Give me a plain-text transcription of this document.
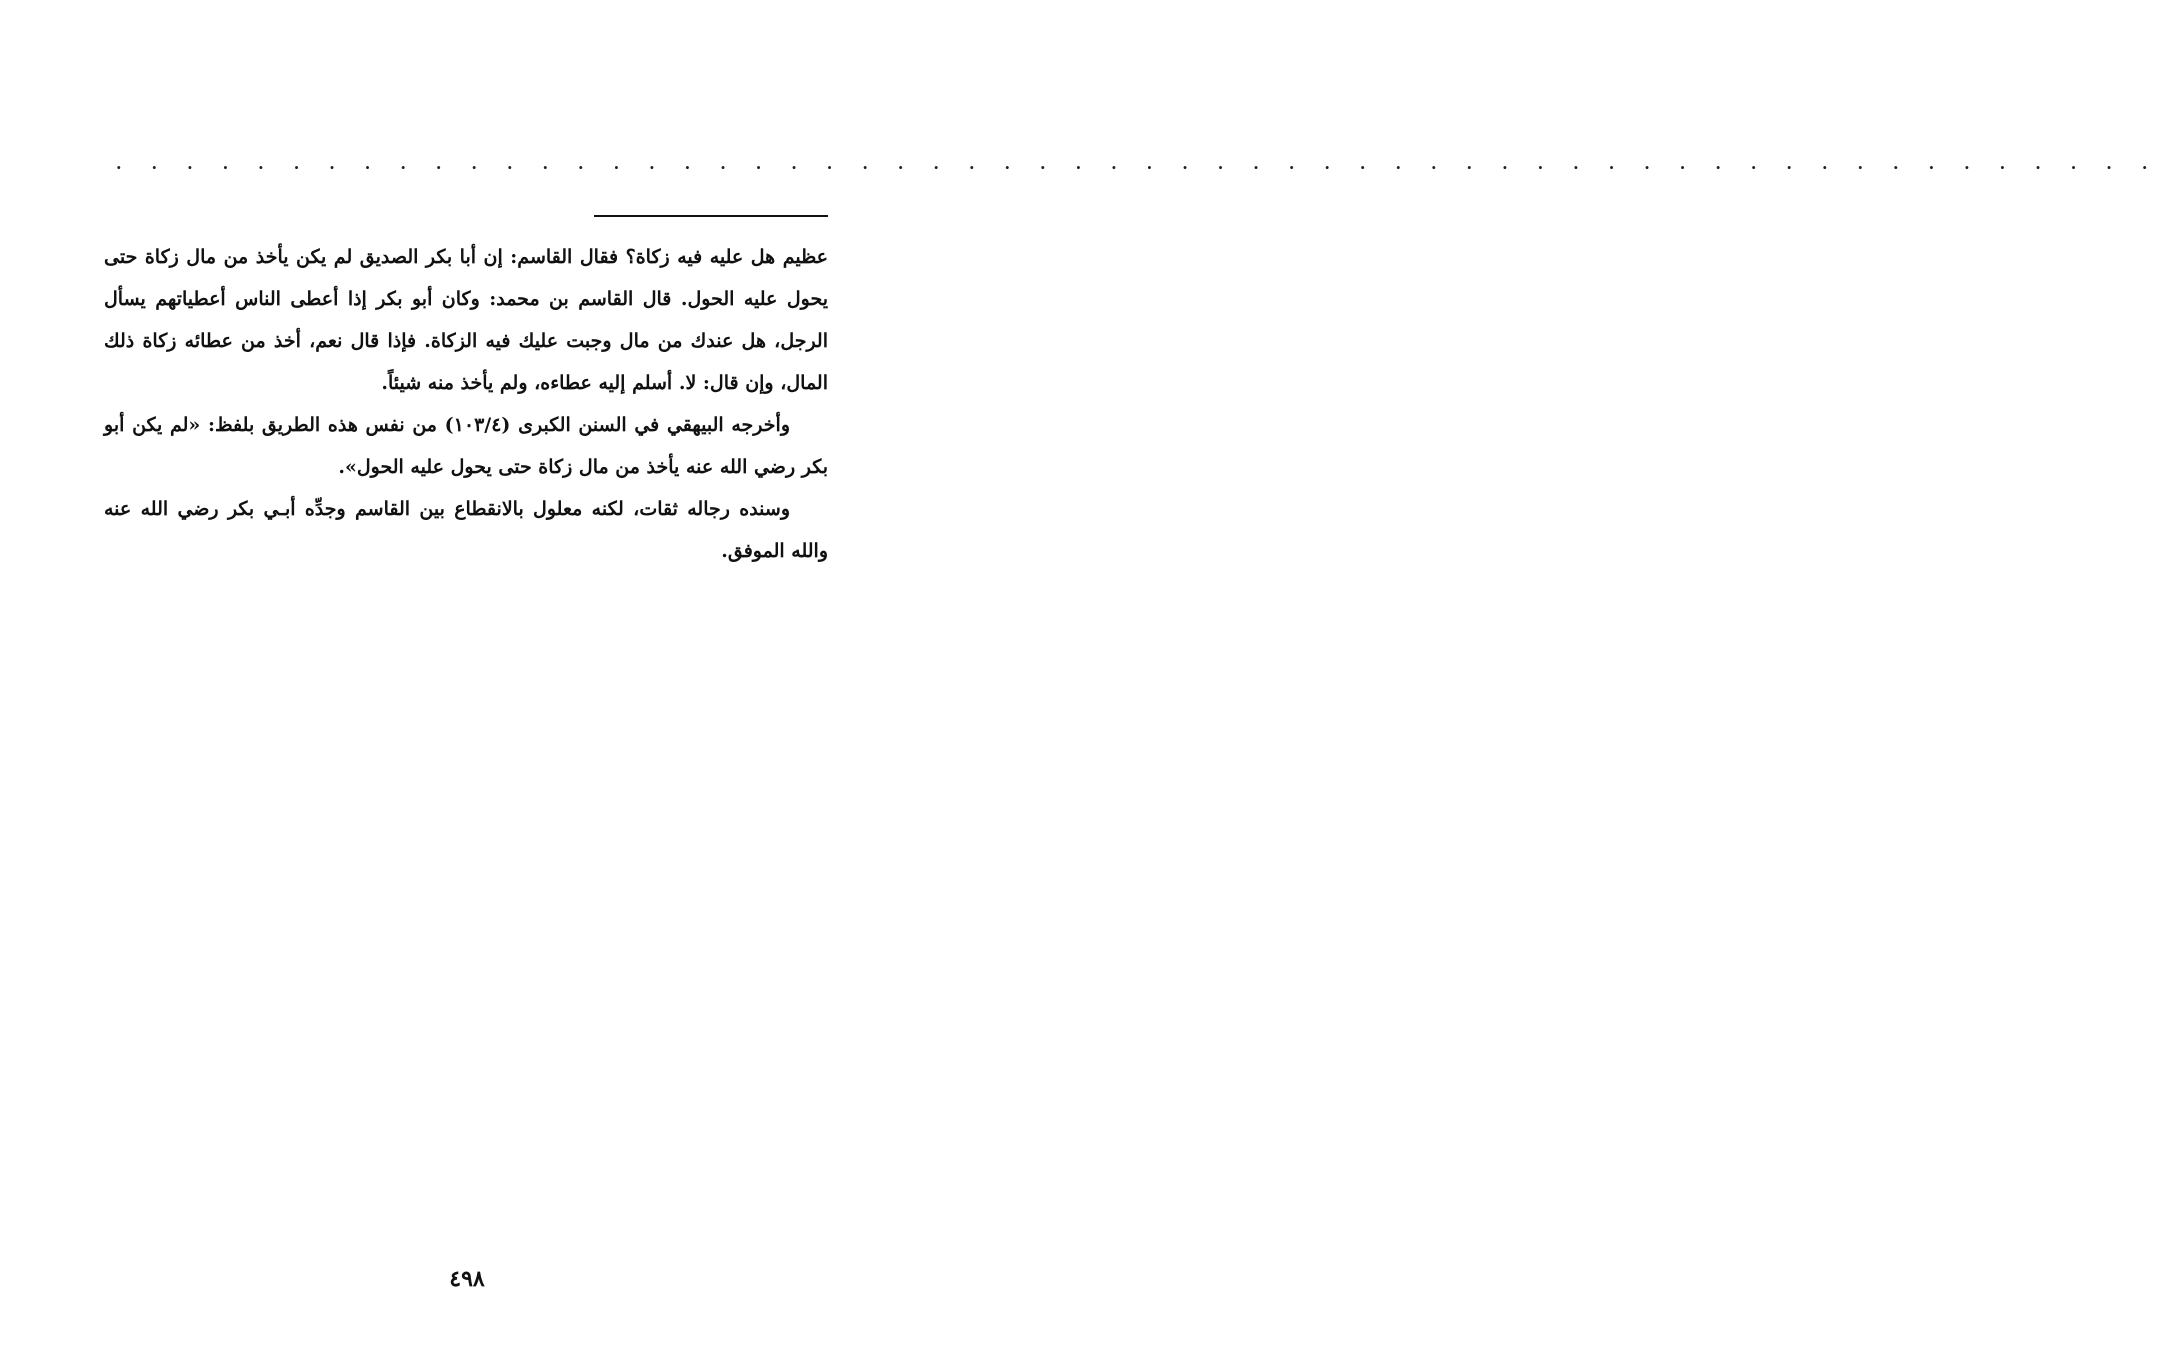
. . . . . . . . . . . . . . . . . . . . . . . . . . . . . . . . . . . . . . . . . . . . . . . . . . . . . . . . . .

عظيم هل عليه فيه زكاة؟ فقال القاسم: إن أبا بكر الصديق لم يكن يأخذ من مال زكاة حتى يحول عليه الحول. قال القاسم بن محمد: وكان أبو بكر إذا أعطى الناس أعطياتهم يسأل الرجل، هل عندك من مال وجبت عليك فيه الزكاة. فإذا قال نعم، أخذ من عطائه زكاة ذلك المال، وإن قال: لا. أسلم إليه عطاءه، ولم يأخذ منه شيئاً.

وأخرجه البيهقي في السنن الكبرى (١٠٣/٤) من نفس هذه الطريق بلفظ: «لم يكن أبو بكر رضي الله عنه يأخذ من مال زكاة حتى يحول عليه الحول».

وسنده رجاله ثقات، لكنه معلول بالانقطاع بين القاسم وجدِّه أبـي بكر رضي الله عنه والله الموفق.

٤٩٨
